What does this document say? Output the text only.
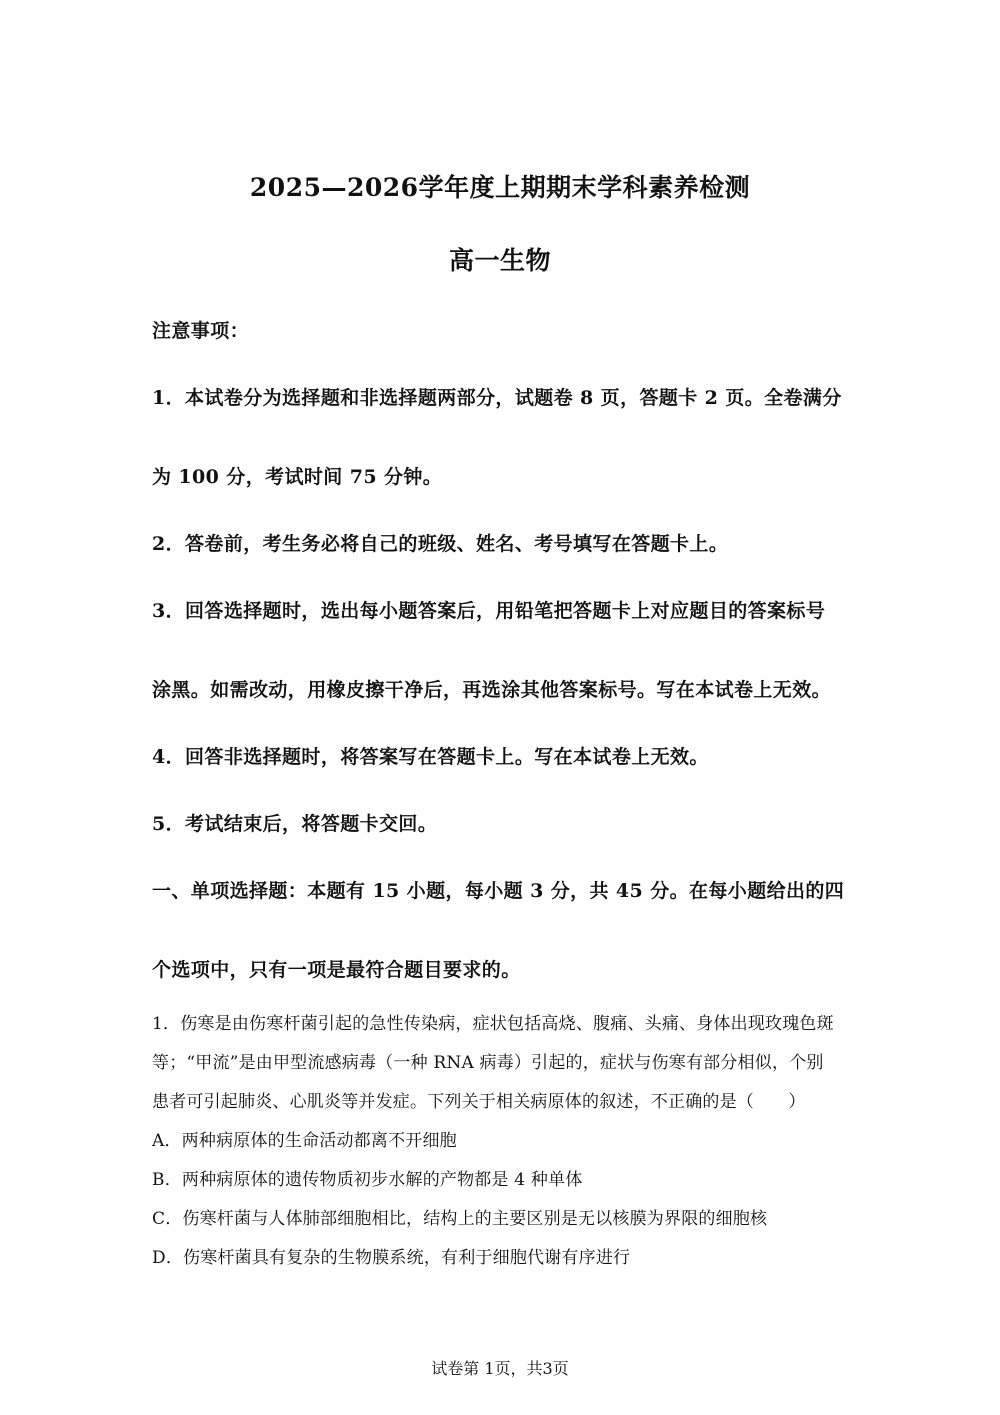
2025—2026学年度上期期末学科素养检测
高一生物
注意事项：
1．本试卷分为选择题和非选择题两部分，试题卷 8 页，答题卡 2 页。全卷满分
为 100 分，考试时间 75 分钟。
2．答卷前，考生务必将自己的班级、姓名、考号填写在答题卡上。
3．回答选择题时，选出每小题答案后，用铅笔把答题卡上对应题目的答案标号
涂黑。如需改动，用橡皮擦干净后，再选涂其他答案标号。写在本试卷上无效。
4．回答非选择题时，将答案写在答题卡上。写在本试卷上无效。
5．考试结束后，将答题卡交回。
一、单项选择题：本题有 15 小题，每小题 3 分，共 45 分。在每小题给出的四
个选项中，只有一项是最符合题目要求的。
1．伤寒是由伤寒杆菌引起的急性传染病，症状包括高烧、腹痛、头痛、身体出现玫瑰色斑
等；“甲流”是由甲型流感病毒（一种 RNA 病毒）引起的，症状与伤寒有部分相似，个别
患者可引起肺炎、心肌炎等并发症。下列关于相关病原体的叙述，不正确的是（　　）
A．两种病原体的生命活动都离不开细胞
B．两种病原体的遗传物质初步水解的产物都是 4 种单体
C．伤寒杆菌与人体肺部细胞相比，结构上的主要区别是无以核膜为界限的细胞核
D．伤寒杆菌具有复杂的生物膜系统，有利于细胞代谢有序进行
试卷第 1页，共3页
